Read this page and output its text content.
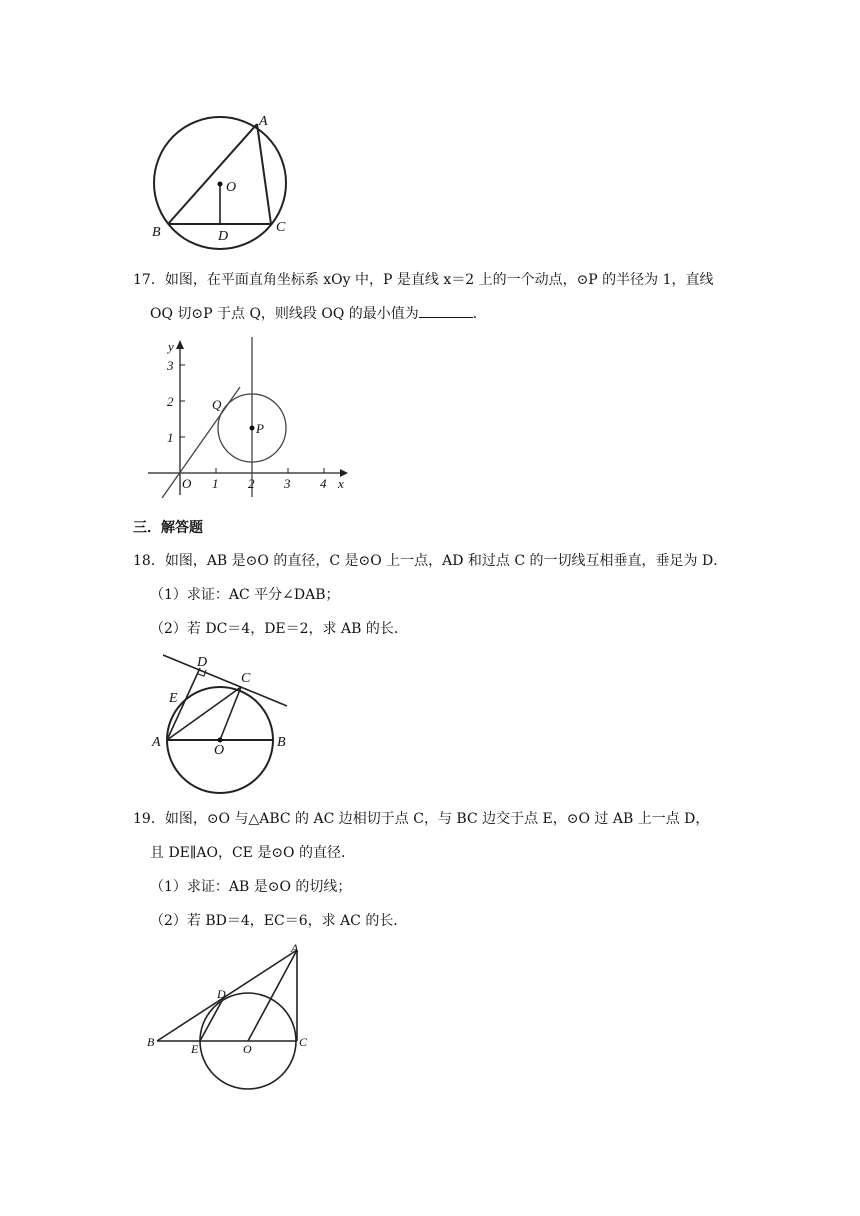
A
O
B	D
C
17．如图，在平面直角坐标系 xOy 中，P 是直线 x＝2 上的一个动点，⊙P 的半径为 1，直线
OQ 切⊙P 于点 Q，则线段 OQ 的最小值为	．
y
x
O
Q
P
3
2
1
1 2 3 4
三．解答题
18．如图，AB 是⊙O 的直径，C 是⊙O 上一点，AD 和过点 C 的一切线互相垂直，垂足为 D．
（1）求证：AC 平分∠DAB；
（2）若 DC＝4，DE＝2，求 AB 的长．
D
C
E
A
O
B
19．如图，⊙O 与△ABC 的 AC 边相切于点 C，与 BC 边交于点 E，⊙O 过 AB 上一点 D，
且 DE∥AO，CE 是⊙O 的直径．
（1）求证：AB 是⊙O 的切线；
（2）若 BD＝4，EC＝6，求 AC 的长．
A
D
B	E	O	C
